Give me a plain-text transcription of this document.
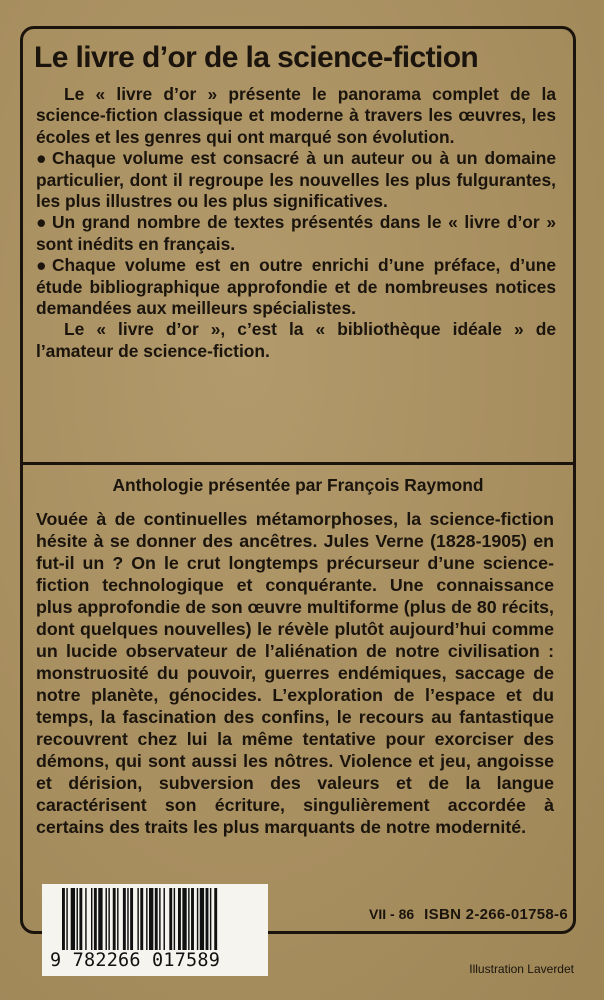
Le livre d’or de la science-fiction

Le « livre d’or » présente le panorama complet de la science-fiction classique et moderne à travers les œuvres, les écoles et les genres qui ont marqué son évolution.

● Chaque volume est consacré à un auteur ou à un domaine particulier, dont il regroupe les nouvelles les plus fulgurantes, les plus illustres ou les plus significatives.

● Un grand nombre de textes présentés dans le « livre d’or » sont inédits en français.

● Chaque volume est en outre enrichi d’une préface, d’une étude bibliographique approfondie et de nombreuses notices demandées aux meilleurs spécialistes.

Le « livre d’or », c’est la « bibliothèque idéale » de l’amateur de science-fiction.

Anthologie présentée par François Raymond
Vouée à de continuelles métamorphoses, la science-fiction hésite à se donner des ancêtres. Jules Verne (1828-1905) en fut-il un ? On le crut longtemps précurseur d’une science-fiction technologique et conquérante. Une connaissance plus approfondie de son œuvre multiforme (plus de 80 récits, dont quelques nouvelles) le révèle plutôt aujourd’hui comme un lucide observateur de l’aliénation de notre civilisation : monstruosité du pouvoir, guerres endémiques, saccage de notre planète, génocides. L’exploration de l’espace et du temps, la fascination des confins, le recours au fantastique recouvrent chez lui la même tentative pour exorciser des démons, qui sont aussi les nôtres. Violence et jeu, angoisse et dérision, subversion des valeurs et de la langue caractérisent son écriture, singulièrement accordée à certains des traits les plus marquants de notre modernité.
VII - 86 ISBN 2-266-01758-6
9 782266 017589	Illustration Laverdet
